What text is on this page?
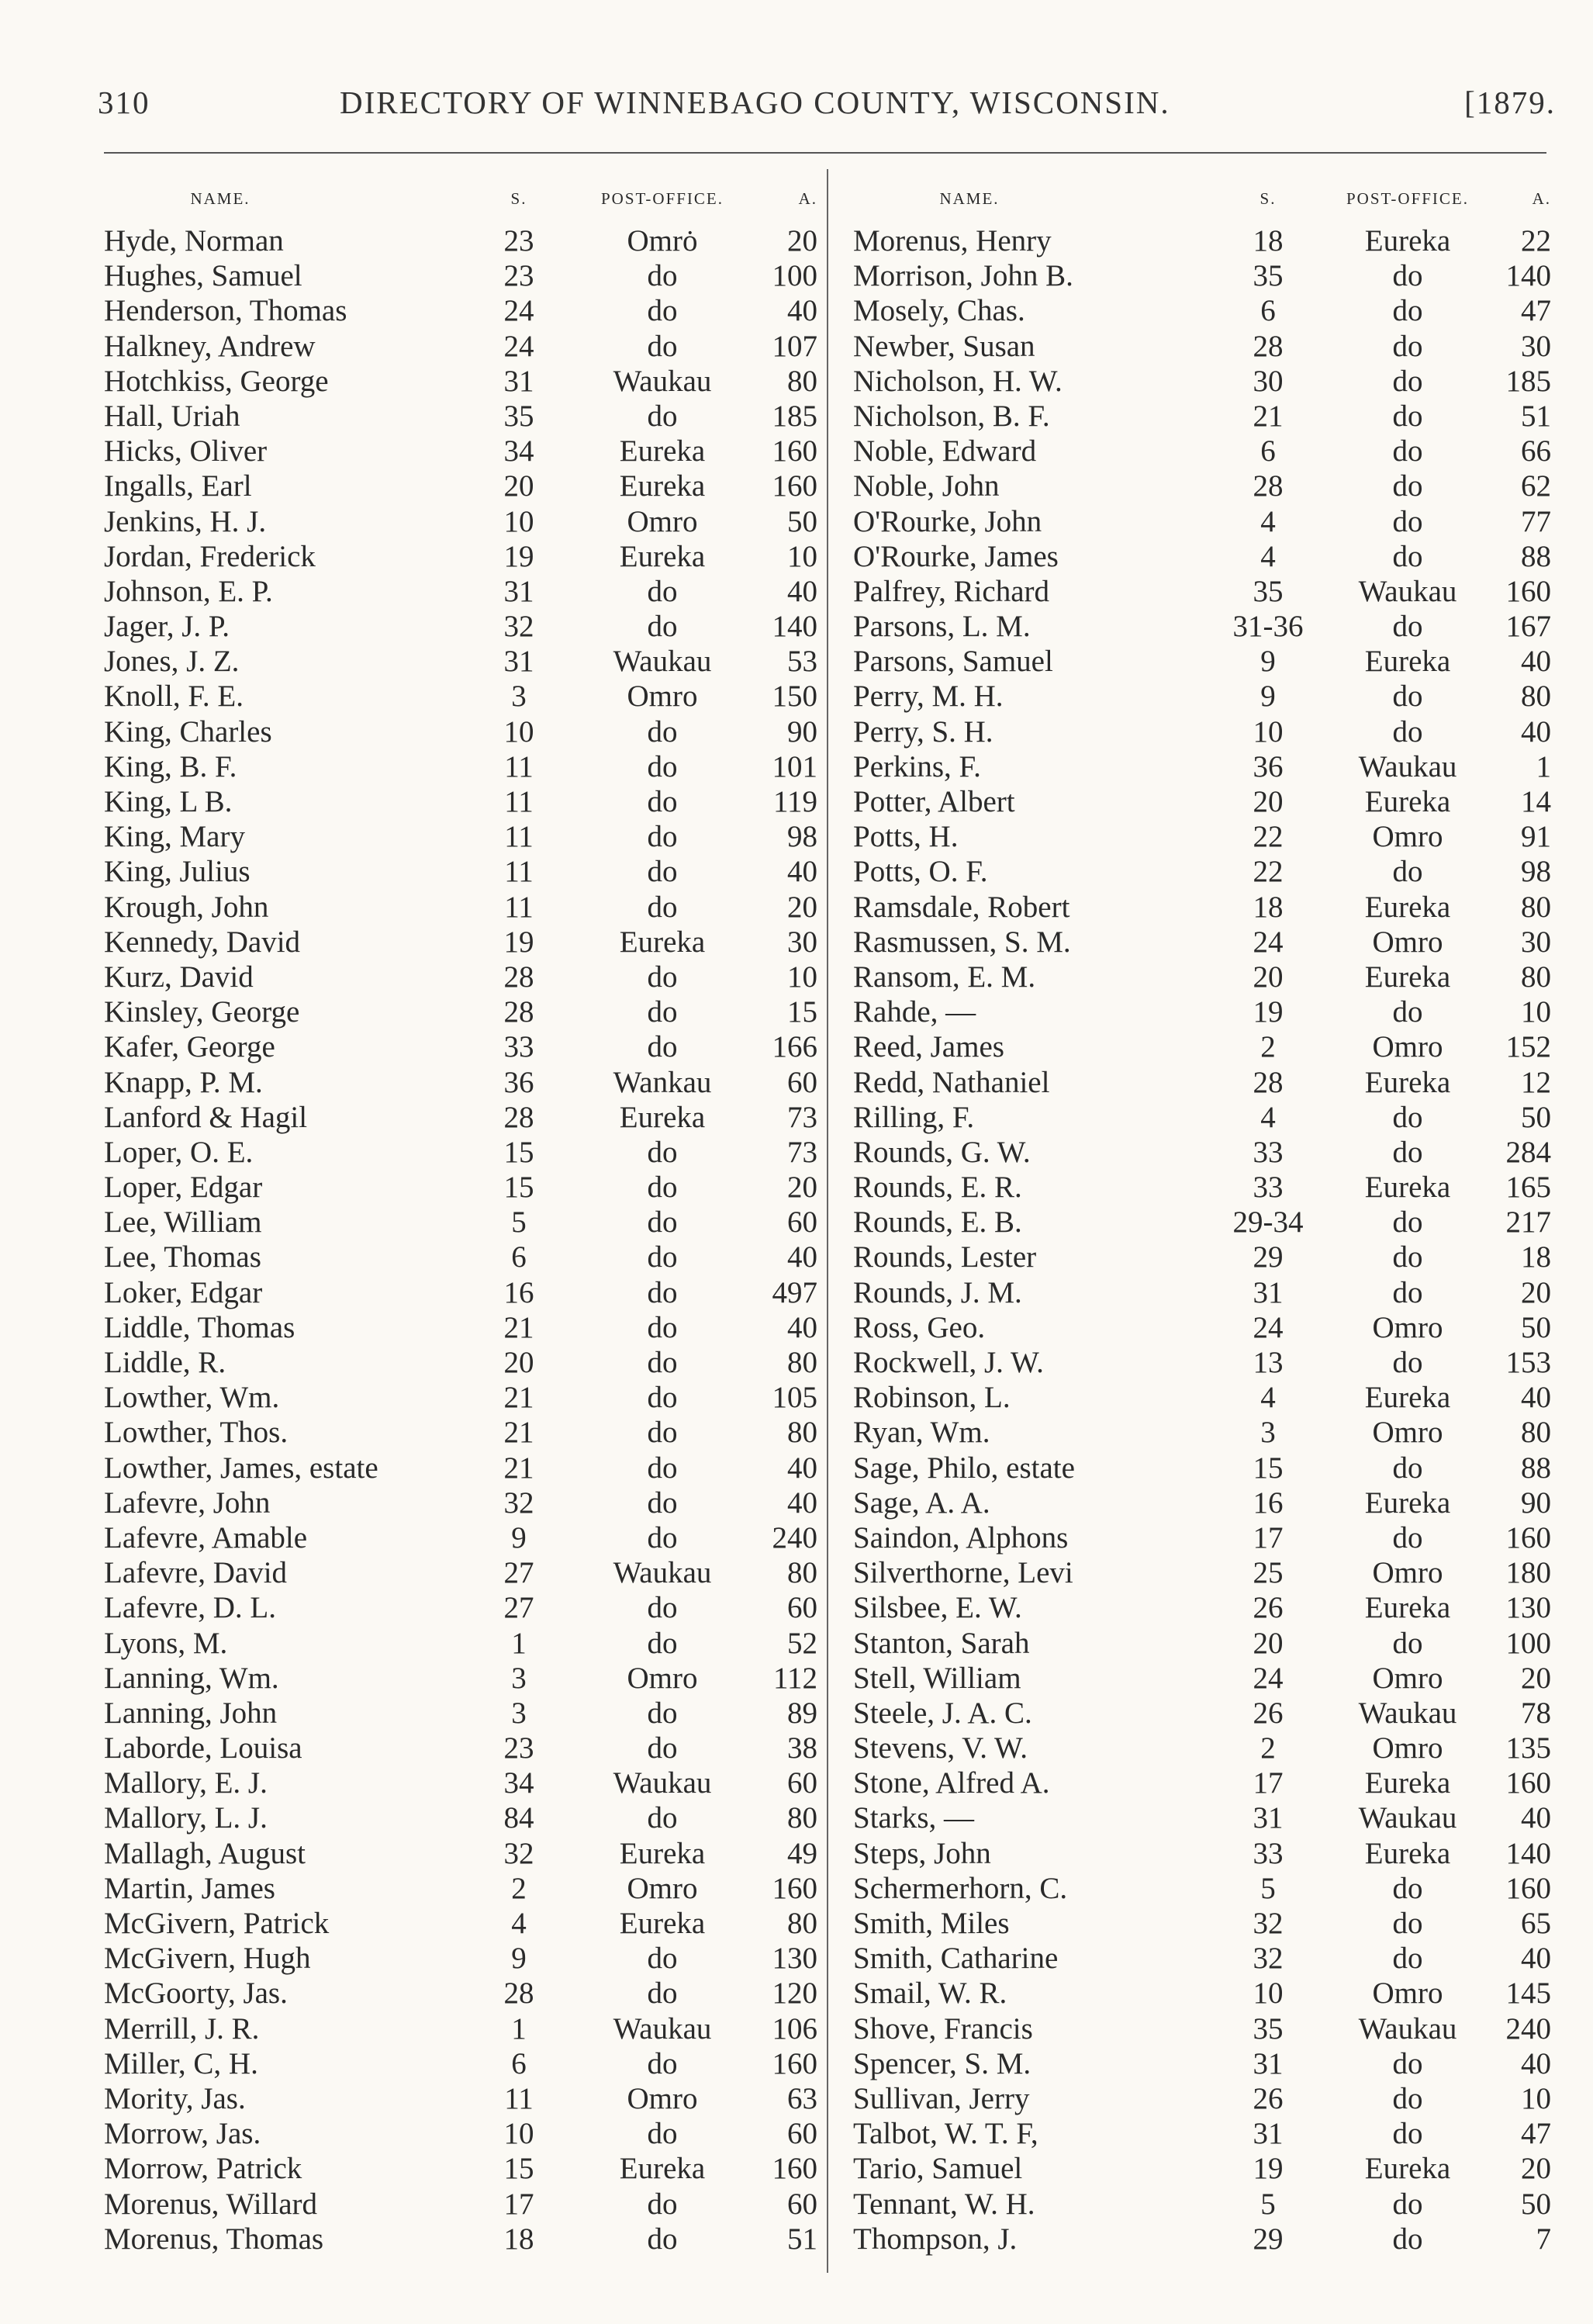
310	DIRECTORY OF WINNEBAGO COUNTY, WISCONSIN.	[1879.
NAME.	S.	POST-OFFICE.	A.
Hyde, Norman	23	Omrȯ	20
Hughes, Samuel	23	do	100
Henderson, Thomas	24	do	40
Halkney, Andrew	24	do	107
Hotchkiss, George	31	Waukau	80
Hall, Uriah	35	do	185
Hicks, Oliver	34	Eureka	160
Ingalls, Earl	20	Eureka	160
Jenkins, H. J.	10	Omro	50
Jordan, Frederick	19	Eureka	10
Johnson, E. P.	31	do	40
Jager, J. P.	32	do	140
Jones, J. Z.	31	Waukau	53
Knoll, F. E.	3	Omro	150
King, Charles	10	do	90
King, B. F.	11	do	101
King, L B.	11	do	119
King, Mary	11	do	98
King, Julius	11	do	40
Krough, John	11	do	20
Kennedy, David	19	Eureka	30
Kurz, David	28	do	10
Kinsley, George	28	do	15
Kafer, George	33	do	166
Knapp, P. M.	36	Wankau	60
Lanford & Hagil	28	Eureka	73
Loper, O. E.	15	do	73
Loper, Edgar	15	do	20
Lee, William	5	do	60
Lee, Thomas	6	do	40
Loker, Edgar	16	do	497
Liddle, Thomas	21	do	40
Liddle, R.	20	do	80
Lowther, Wm.	21	do	105
Lowther, Thos.	21	do	80
Lowther, James, estate	21	do	40
Lafevre, John	32	do	40
Lafevre, Amable	9	do	240
Lafevre, David	27	Waukau	80
Lafevre, D. L.	27	do	60
Lyons, M.	1	do	52
Lanning, Wm.	3	Omro	112
Lanning, John	3	do	89
Laborde, Louisa	23	do	38
Mallory, E. J.	34	Waukau	60
Mallory, L. J.	84	do	80
Mallagh, August	32	Eureka	49
Martin, James	2	Omro	160
McGivern, Patrick	4	Eureka	80
McGivern, Hugh	9	do	130
McGoorty, Jas.	28	do	120
Merrill, J. R.	1	Waukau	106
Miller, C, H.	6	do	160
Mority, Jas.	11	Omro	63
Morrow, Jas.	10	do	60
Morrow, Patrick	15	Eureka	160
Morenus, Willard	17	do	60
Morenus, Thomas	18	do	51
NAME.	S.	POST-OFFICE.	A.
Morenus, Henry	18	Eureka	22
Morrison, John B.	35	do	140
Mosely, Chas.	6	do	47
Newber, Susan	28	do	30
Nicholson, H. W.	30	do	185
Nicholson, B. F.	21	do	51
Noble, Edward	6	do	66
Noble, John	28	do	62
O'Rourke, John	4	do	77
O'Rourke, James	4	do	88
Palfrey, Richard	35	Waukau	160
Parsons, L. M.	31-36	do	167
Parsons, Samuel	9	Eureka	40
Perry, M. H.	9	do	80
Perry, S. H.	10	do	40
Perkins, F.	36	Waukau	1
Potter, Albert	20	Eureka	14
Potts, H.	22	Omro	91
Potts, O. F.	22	do	98
Ramsdale, Robert	18	Eureka	80
Rasmussen, S. M.	24	Omro	30
Ransom, E. M.	20	Eureka	80
Rahde, —	19	do	10
Reed, James	2	Omro	152
Redd, Nathaniel	28	Eureka	12
Rilling, F.	4	do	50
Rounds, G. W.	33	do	284
Rounds, E. R.	33	Eureka	165
Rounds, E. B.	29-34	do	217
Rounds, Lester	29	do	18
Rounds, J. M.	31	do	20
Ross, Geo.	24	Omro	50
Rockwell, J. W.	13	do	153
Robinson, L.	4	Eureka	40
Ryan, Wm.	3	Omro	80
Sage, Philo, estate	15	do	88
Sage, A. A.	16	Eureka	90
Saindon, Alphons	17	do	160
Silverthorne, Levi	25	Omro	180
Silsbee, E. W.	26	Eureka	130
Stanton, Sarah	20	do	100
Stell, William	24	Omro	20
Steele, J. A. C.	26	Waukau	78
Stevens, V. W.	2	Omro	135
Stone, Alfred A.	17	Eureka	160
Starks, —	31	Waukau	40
Steps, John	33	Eureka	140
Schermerhorn, C.	5	do	160
Smith, Miles	32	do	65
Smith, Catharine	32	do	40
Smail, W. R.	10	Omro	145
Shove, Francis	35	Waukau	240
Spencer, S. M.	31	do	40
Sullivan, Jerry	26	do	10
Talbot, W. T. F,	31	do	47
Tario, Samuel	19	Eureka	20
Tennant, W. H.	5	do	50
Thompson, J.	29	do	7
